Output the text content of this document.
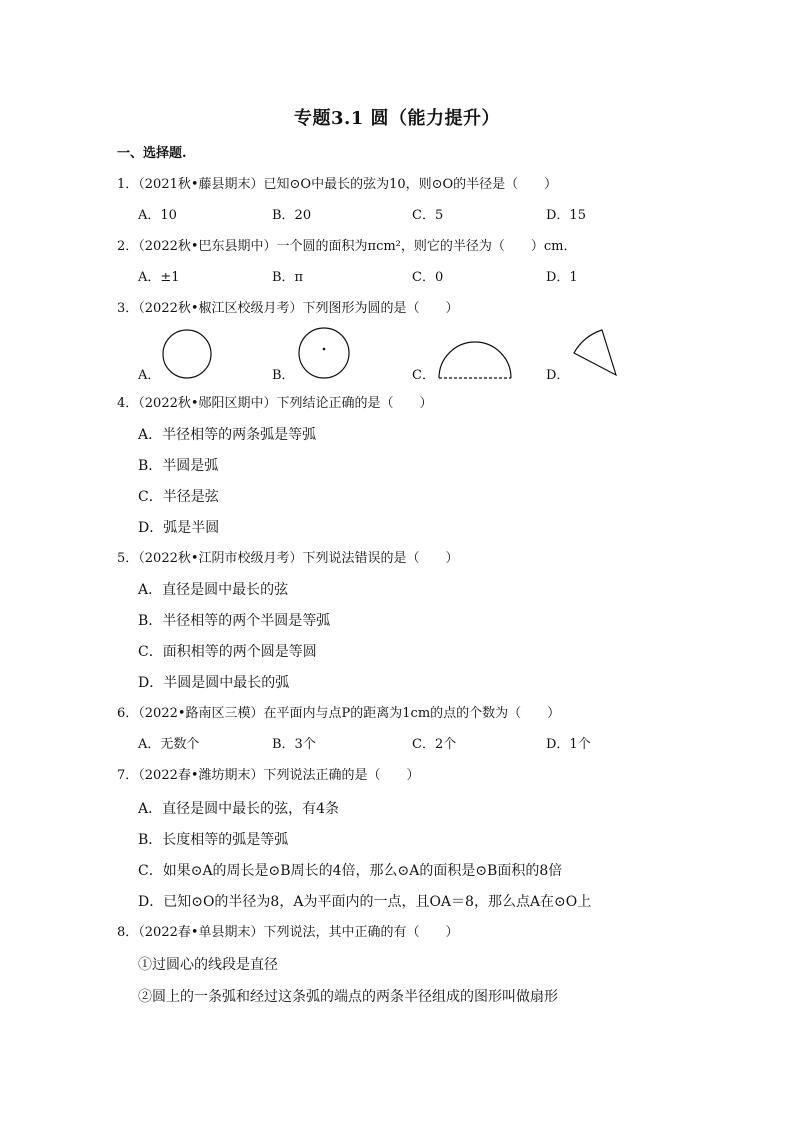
专题3.1 圆（能力提升）
一、选择题.
1．（2021秋•藤县期末）已知⊙O中最长的弦为10，则⊙O的半径是（　　）
A．10	B．20	C．5	D．15
2．（2022秋•巴东县期中）一个圆的面积为πcm²，则它的半径为（　　）cm．
A．±1	B．π	C．0	D．1
3．（2022秋•椒江区校级月考）下列图形为圆的是（　　）
A．	B．	C．	D．
4．（2022秋•郧阳区期中）下列结论正确的是（　　）
A．半径相等的两条弧是等弧
B．半圆是弧
C．半径是弦
D．弧是半圆
5．（2022秋•江阴市校级月考）下列说法错误的是（　　）
A．直径是圆中最长的弦
B．半径相等的两个半圆是等弧
C．面积相等的两个圆是等圆
D．半圆是圆中最长的弧
6．（2022•路南区三模）在平面内与点P的距离为1cm的点的个数为（　　）
A．无数个	B．3个	C．2个	D．1个
7．（2022春•潍坊期末）下列说法正确的是（　　）
A．直径是圆中最长的弦，有4条
B．长度相等的弧是等弧
C．如果⊙A的周长是⊙B周长的4倍，那么⊙A的面积是⊙B面积的8倍
D．已知⊙O的半径为8，A为平面内的一点，且OA＝8，那么点A在⊙O上
8．（2022春•单县期末）下列说法，其中正确的有（　　）
①过圆心的线段是直径
②圆上的一条弧和经过这条弧的端点的两条半径组成的图形叫做扇形
